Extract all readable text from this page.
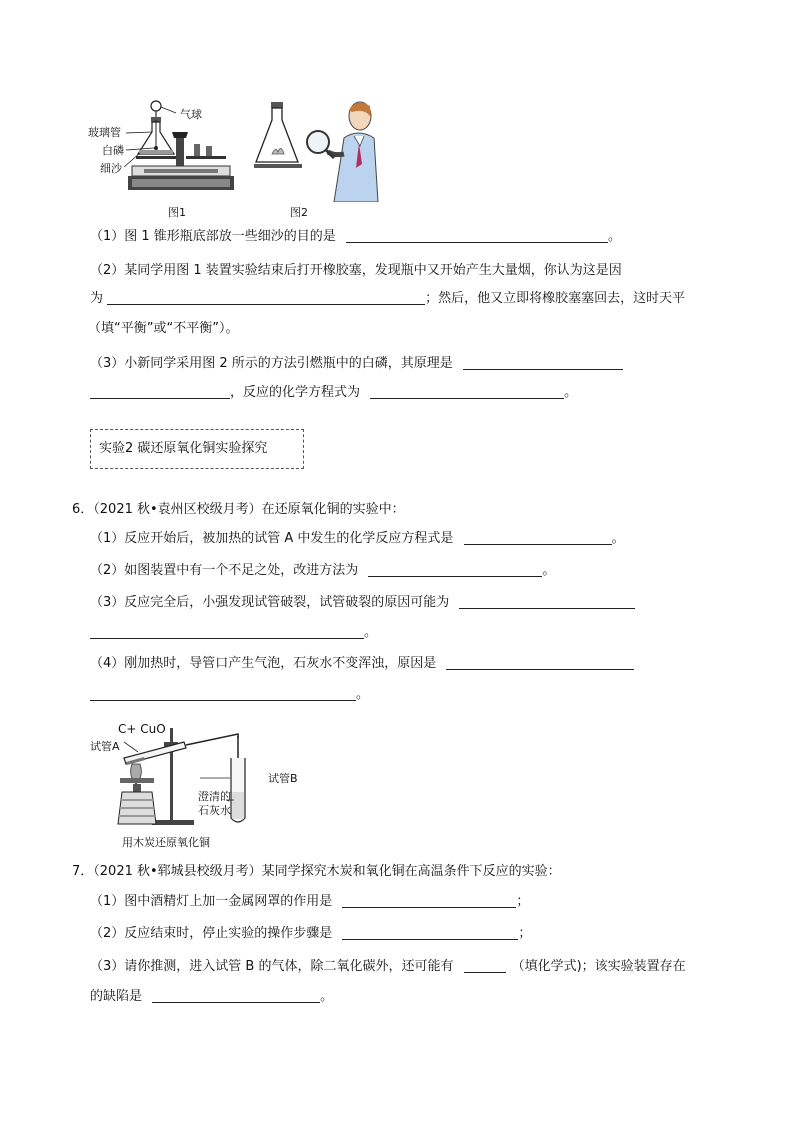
玻璃管
气球
白磷
细沙
图1	图2
（1）图 1 锥形瓶底部放一些细沙的目的是	。
（2）某同学用图 1 装置实验结束后打开橡胶塞，发现瓶中又开始产生大量烟，你认为这是因
为	；然后，他又立即将橡胶塞塞回去，这时天平
（填“平衡”或“不平衡”）。
（3）小新同学采用图 2 所示的方法引燃瓶中的白磷，其原理是
，反应的化学方程式为	。
实验2 碳还原氧化铜实验探究
6．（2021 秋•袁州区校级月考）在还原氧化铜的实验中：
（1）反应开始后，被加热的试管 A 中发生的化学反应方程式是	。
（2）如图装置中有一个不足之处，改进方法为	。
（3）反应完全后，小强发现试管破裂，试管破裂的原因可能为
。
（4）刚加热时，导管口产生气泡，石灰水不变浑浊，原因是
。
C+ CuO
试管A
试管B
澄清的
石灰水
用木炭还原氧化铜
7．（2021 秋•郓城县校级月考）某同学探究木炭和氧化铜在高温条件下反应的实验：
（1）图中酒精灯上加一金属网罩的作用是	；
（2）反应结束时，停止实验的操作步骤是	；
（3）请你推测，进入试管 B 的气体，除二氧化碳外，还可能有	（填化学式)；该实验装置存在
的缺陷是	。
